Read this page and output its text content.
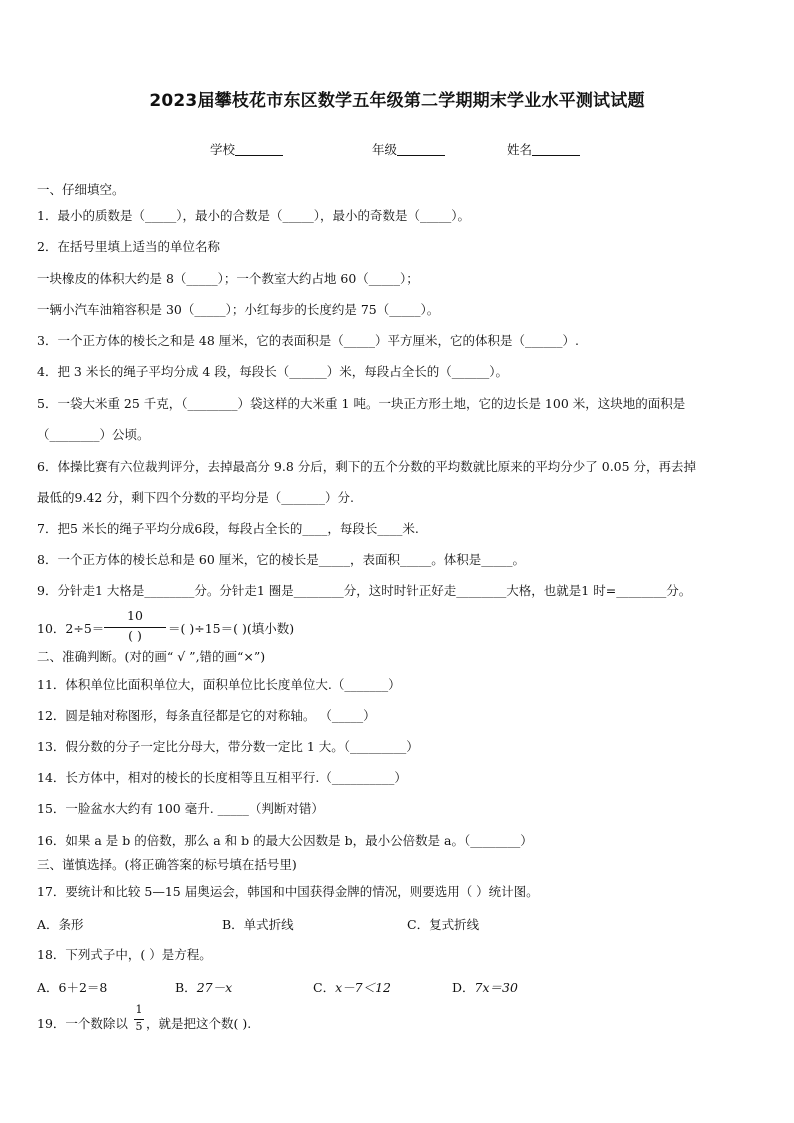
2023届攀枝花市东区数学五年级第二学期期末学业水平测试试题
学校	年级	姓名
一、仔细填空。
1．最小的质数是（_____），最小的合数是（_____），最小的奇数是（_____）。
2．在括号里填上适当的单位名称
一块橡皮的体积大约是 8（_____）；一个教室大约占地 60（_____）；
一辆小汽车油箱容积是 30（_____）；小红每步的长度约是 75（_____）。
3．一个正方体的棱长之和是 48 厘米，它的表面积是（_____）平方厘米，它的体积是（______）.
4．把 3 米长的绳子平均分成 4 段，每段长（______）米，每段占全长的（______）。
5．一袋大米重 25 千克，（________）袋这样的大米重 1 吨。一块正方形土地，它的边长是 100 米，这块地的面积是
（________）公顷。
6．体操比赛有六位裁判评分，去掉最高分 9.8 分后，剩下的五个分数的平均数就比原来的平均分少了 0.05 分，再去掉
最低的9.42 分，剩下四个分数的平均分是（_______）分.
7．把5 米长的绳子平均分成6段，每段占全长的____，每段长____米.
8．一个正方体的棱长总和是 60 厘米，它的棱长是_____，表面积_____。体积是_____。
9．分针走1 大格是________分。分针走1 圈是________分，这时时针正好走________大格，也就是1 时=________分。
10．2÷5＝
10
( )	＝( )÷15＝( )(填小数)
二、准确判断。(对的画“ √ ”,错的画“×”)
11．体积单位比面积单位大，面积单位比长度单位大.（_______）
12．圆是轴对称图形，每条直径都是它的对称轴。 （_____）
13．假分数的分子一定比分母大，带分数一定比 1 大。（_________）
14．长方体中，相对的棱长的长度相等且互相平行.（__________）
15．一脸盆水大约有 100 毫升. _____（判断对错）
16．如果 a 是 b 的倍数，那么 a 和 b 的最大公因数是 b，最小公倍数是 a。（________）
三、谨慎选择。(将正确答案的标号填在括号里)
17．要统计和比较 5—15 届奥运会，韩国和中国获得金牌的情况，则要选用（ ）统计图。
A．条形	B．单式折线	C．复式折线
18．下列式子中，( ）是方程。
A．6＋2＝8	B．27－x	C．x－7＜12	D．7x＝30
19．一个数除以
1
5 ，就是把这个数( ).
